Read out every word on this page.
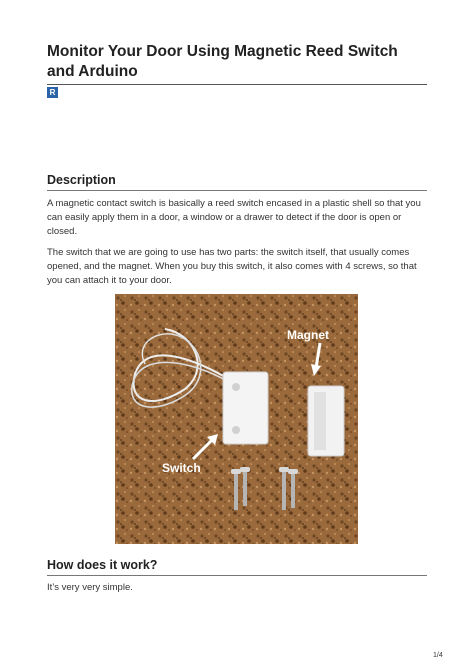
Monitor Your Door Using Magnetic Reed Switch and Arduino
R
Description
A magnetic contact switch is basically a reed switch encased in a plastic shell so that you can easily apply them in a door, a window or a drawer to detect if the door is open or closed.
The switch that we are going to use has two parts: the switch itself, that usually comes opened, and the magnet. When you buy this switch, it also comes with 4 screws, so that you can attach it to your door.
Magnet
Switch
How does it work?
It’s very very simple.
1/4
